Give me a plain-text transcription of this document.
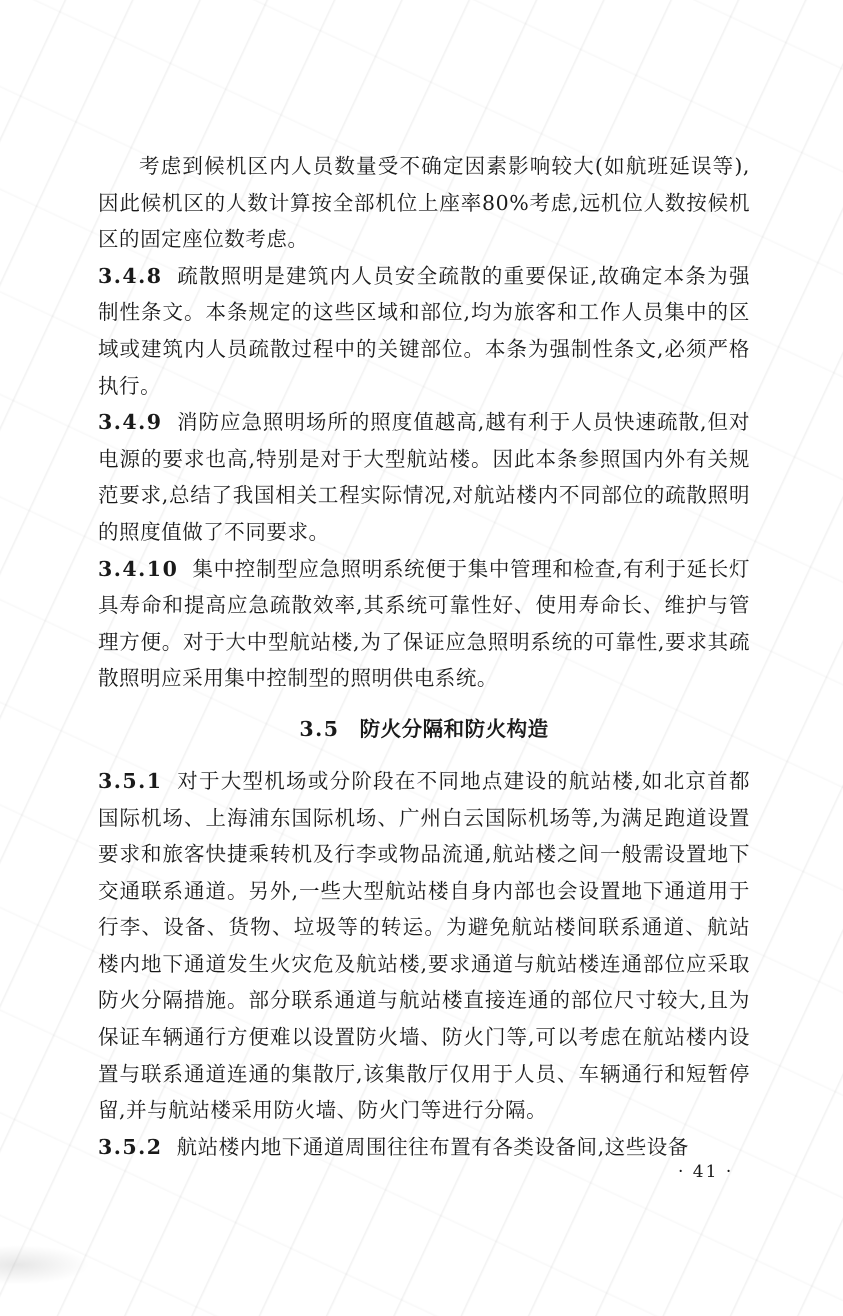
考虑到候机区内人员数量受不确定因素影响较大(如航班延误等),因此候机区的人数计算按全部机位上座率80%考虑,远机位人数按候机区的固定座位数考虑。

3.4.8 疏散照明是建筑内人员安全疏散的重要保证,故确定本条为强制性条文。本条规定的这些区域和部位,均为旅客和工作人员集中的区域或建筑内人员疏散过程中的关键部位。本条为强制性条文,必须严格执行。

3.4.9 消防应急照明场所的照度值越高,越有利于人员快速疏散,但对电源的要求也高,特别是对于大型航站楼。因此本条参照国内外有关规范要求,总结了我国相关工程实际情况,对航站楼内不同部位的疏散照明的照度值做了不同要求。

3.4.10 集中控制型应急照明系统便于集中管理和检查,有利于延长灯具寿命和提高应急疏散效率,其系统可靠性好、使用寿命长、维护与管理方便。对于大中型航站楼,为了保证应急照明系统的可靠性,要求其疏散照明应采用集中控制型的照明供电系统。

3.5 防火分隔和防火构造

3.5.1 对于大型机场或分阶段在不同地点建设的航站楼,如北京首都国际机场、上海浦东国际机场、广州白云国际机场等,为满足跑道设置要求和旅客快捷乘转机及行李或物品流通,航站楼之间一般需设置地下交通联系通道。另外,一些大型航站楼自身内部也会设置地下通道用于行李、设备、货物、垃圾等的转运。为避免航站楼间联系通道、航站楼内地下通道发生火灾危及航站楼,要求通道与航站楼连通部位应采取防火分隔措施。部分联系通道与航站楼直接连通的部位尺寸较大,且为保证车辆通行方便难以设置防火墙、防火门等,可以考虑在航站楼内设置与联系通道连通的集散厅,该集散厅仅用于人员、车辆通行和短暂停留,并与航站楼采用防火墙、防火门等进行分隔。

3.5.2 航站楼内地下通道周围往往布置有各类设备间,这些设备

· 41 ·
